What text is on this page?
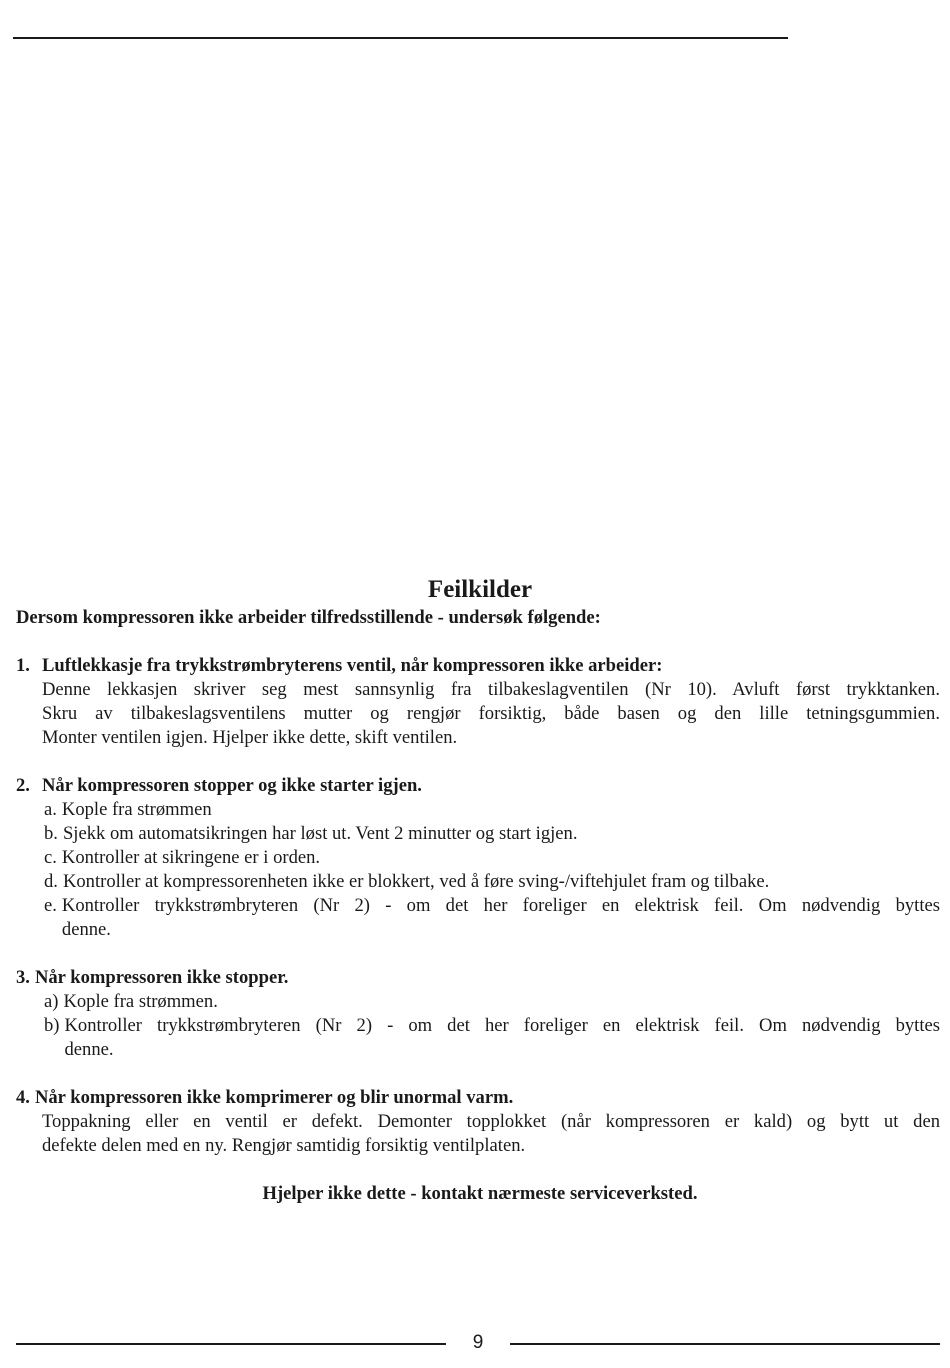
Feilkilder

Dersom kompressoren ikke arbeider tilfredsstillende - undersøk følgende:

1. Luftlekkasje fra trykkstrømbryterens ventil, når kompressoren ikke arbeider:

Denne lekkasjen skriver seg mest sannsynlig fra tilbakeslagventilen (Nr 10). Avluft først trykktanken.
Skru av tilbakeslagsventilens mutter og rengjør forsiktig, både basen og den lille tetningsgummien.
Monter ventilen igjen. Hjelper ikke dette, skift ventilen.

2. Når kompressoren stopper og ikke starter igjen.

a. Kople fra strømmen
b. Sjekk om automatsikringen har løst ut. Vent 2 minutter og start igjen.
c. Kontroller at sikringene er i orden.
d. Kontroller at kompressorenheten ikke er blokkert, ved å føre sving-/viftehjulet fram og tilbake.
e. Kontroller trykkstrømbryteren (Nr 2) - om det her foreliger en elektrisk feil. Om nødvendig byttes
denne.

3. Når kompressoren ikke stopper.

a) Kople fra strømmen.
b) Kontroller trykkstrømbryteren (Nr 2) - om det her foreliger en elektrisk feil. Om nødvendig byttes
denne.

4. Når kompressoren ikke komprimerer og blir unormal varm.

Toppakning eller en ventil er defekt. Demonter topplokket (når kompressoren er kald) og bytt ut den
defekte delen med en ny. Rengjør samtidig forsiktig ventilplaten.

Hjelper ikke dette - kontakt nærmeste serviceverksted.

9
